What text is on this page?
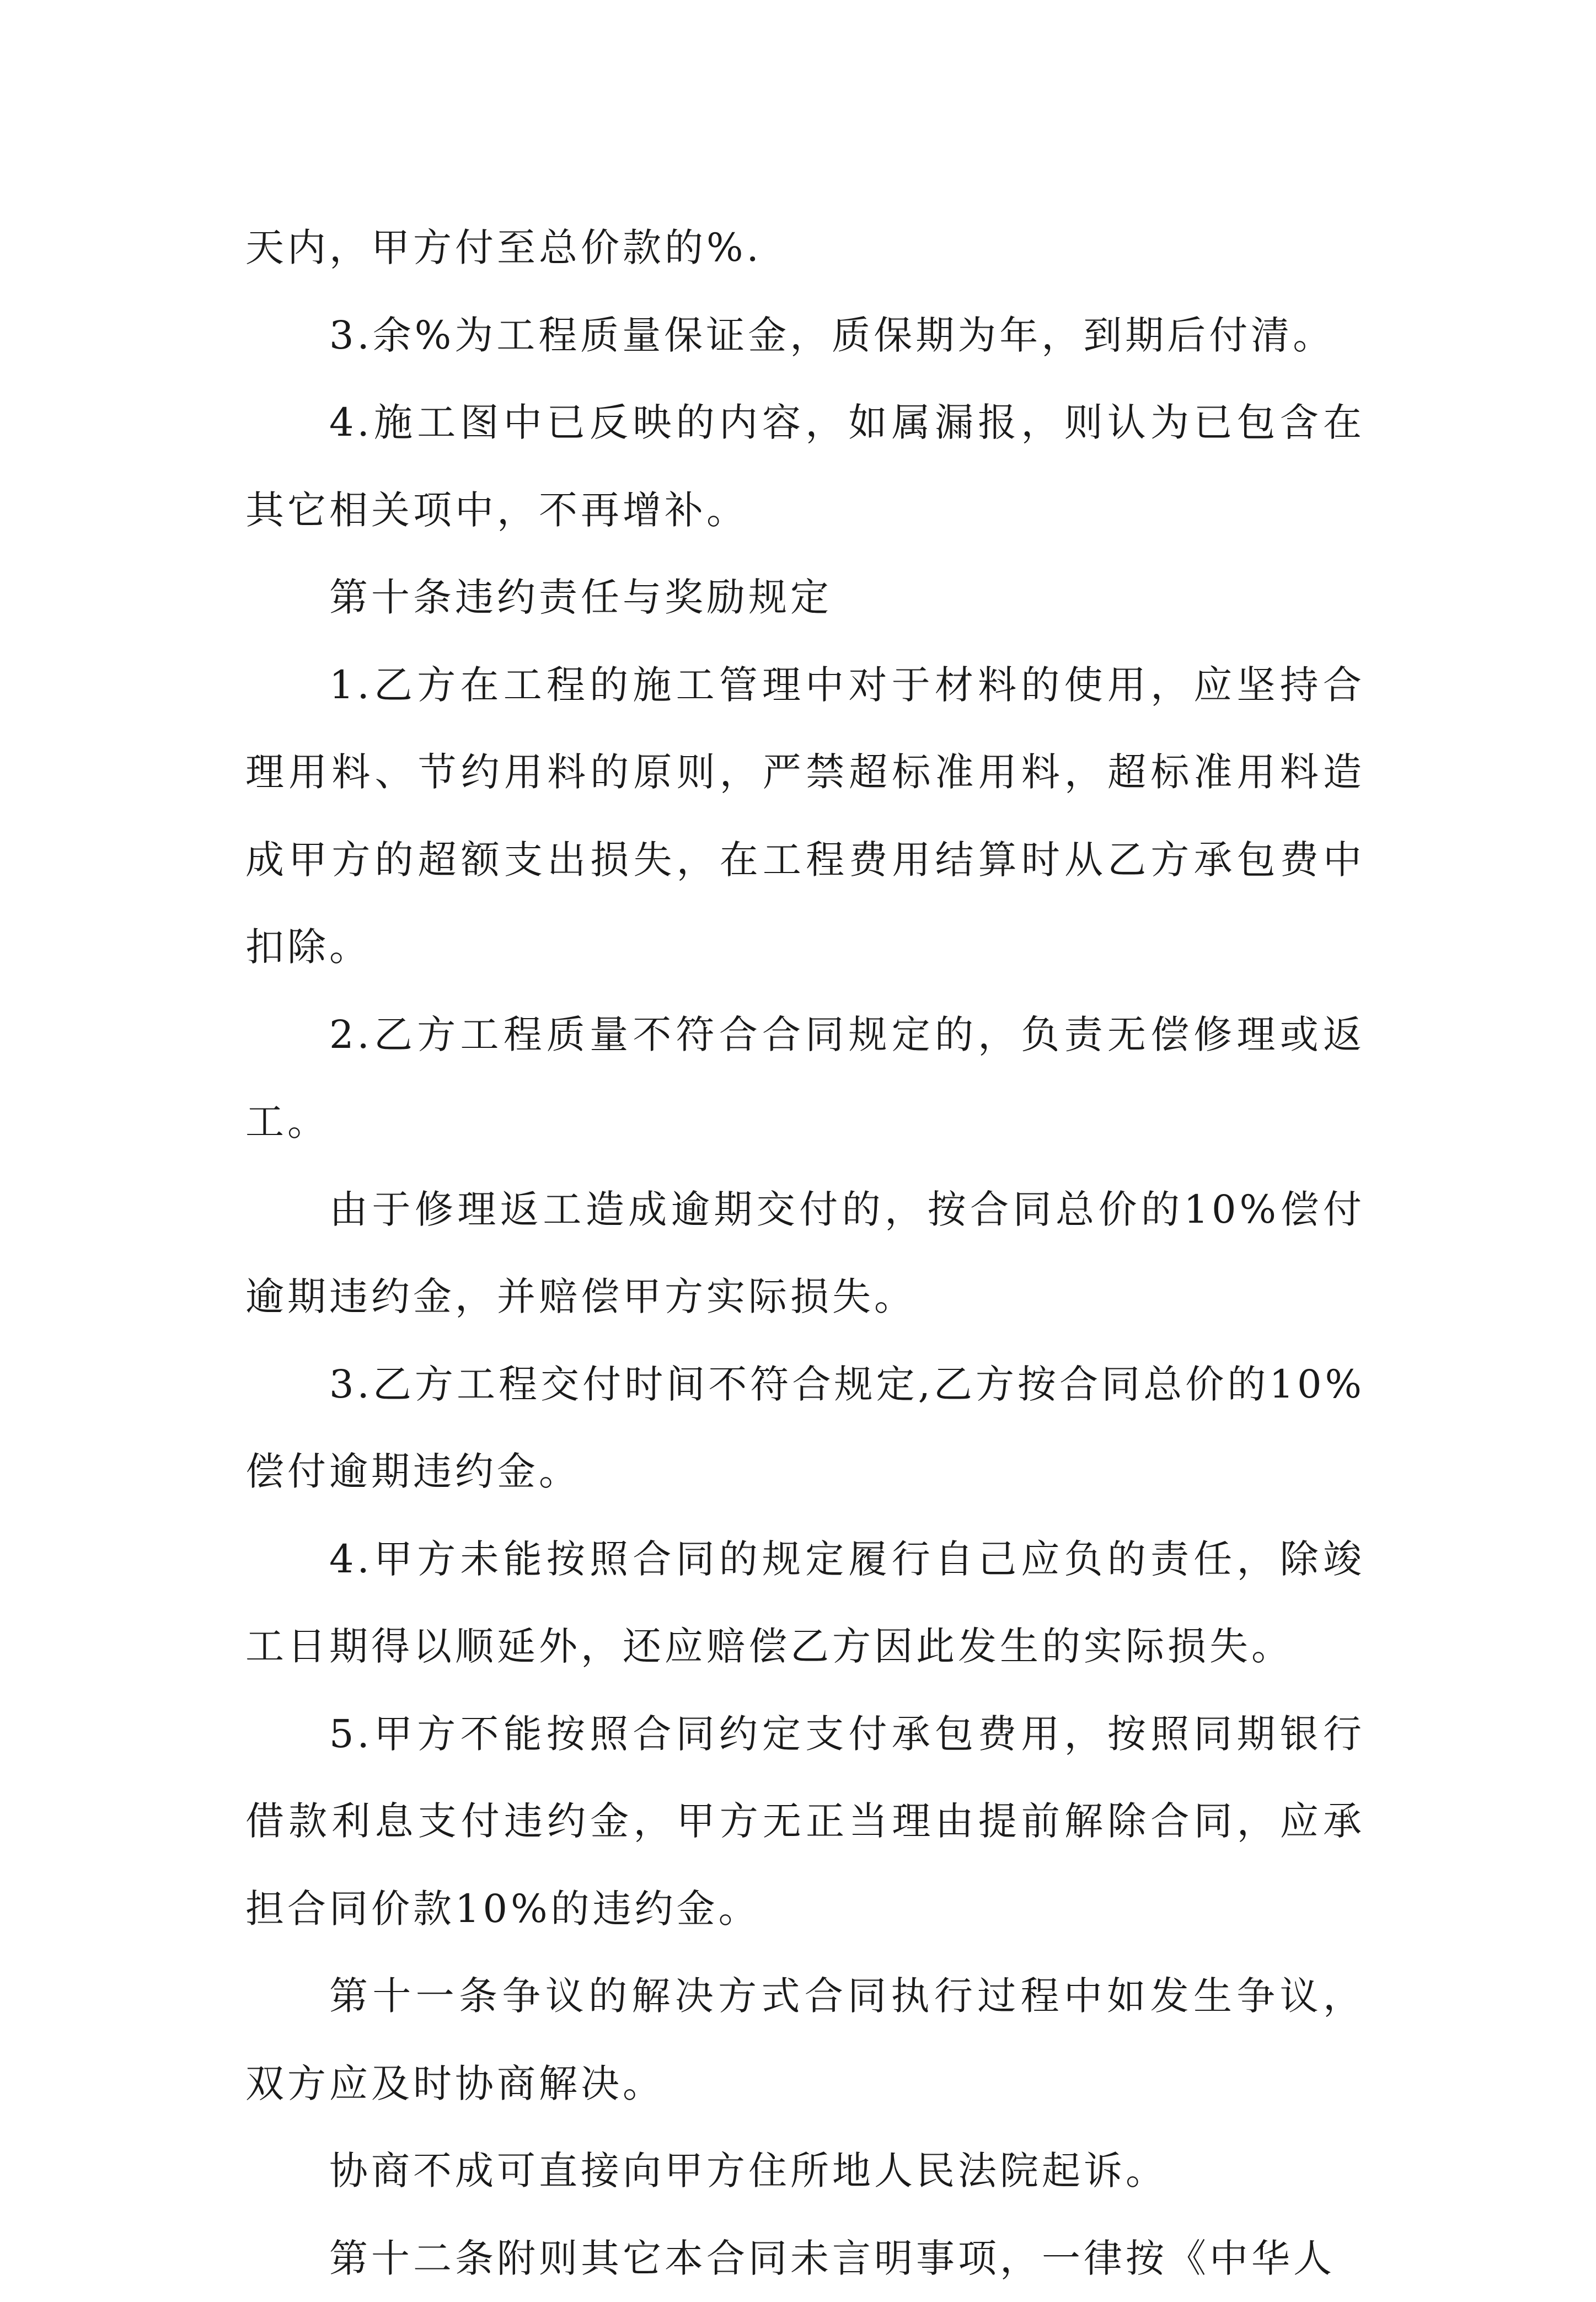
天内，甲方付至总价款的%.

3.余%为工程质量保证金，质保期为年，到期后付清。

4.施工图中已反映的内容，如属漏报，则认为已包含在其它相关项中，不再增补。

第十条违约责任与奖励规定

1.乙方在工程的施工管理中对于材料的使用，应坚持合理用料、节约用料的原则，严禁超标准用料，超标准用料造成甲方的超额支出损失，在工程费用结算时从乙方承包费中扣除。

2.乙方工程质量不符合合同规定的，负责无偿修理或返工。

由于修理返工造成逾期交付的，按合同总价的10%偿付逾期违约金，并赔偿甲方实际损失。

3.乙方工程交付时间不符合规定,乙方按合同总价的10%偿付逾期违约金。

4.甲方未能按照合同的规定履行自己应负的责任，除竣工日期得以顺延外，还应赔偿乙方因此发生的实际损失。

5.甲方不能按照合同约定支付承包费用，按照同期银行借款利息支付违约金，甲方无正当理由提前解除合同，应承担合同价款10%的违约金。

第十一条争议的解决方式合同执行过程中如发生争议，双方应及时协商解决。

协商不成可直接向甲方住所地人民法院起诉。

第十二条附则其它本合同未言明事项，一律按《中华人
